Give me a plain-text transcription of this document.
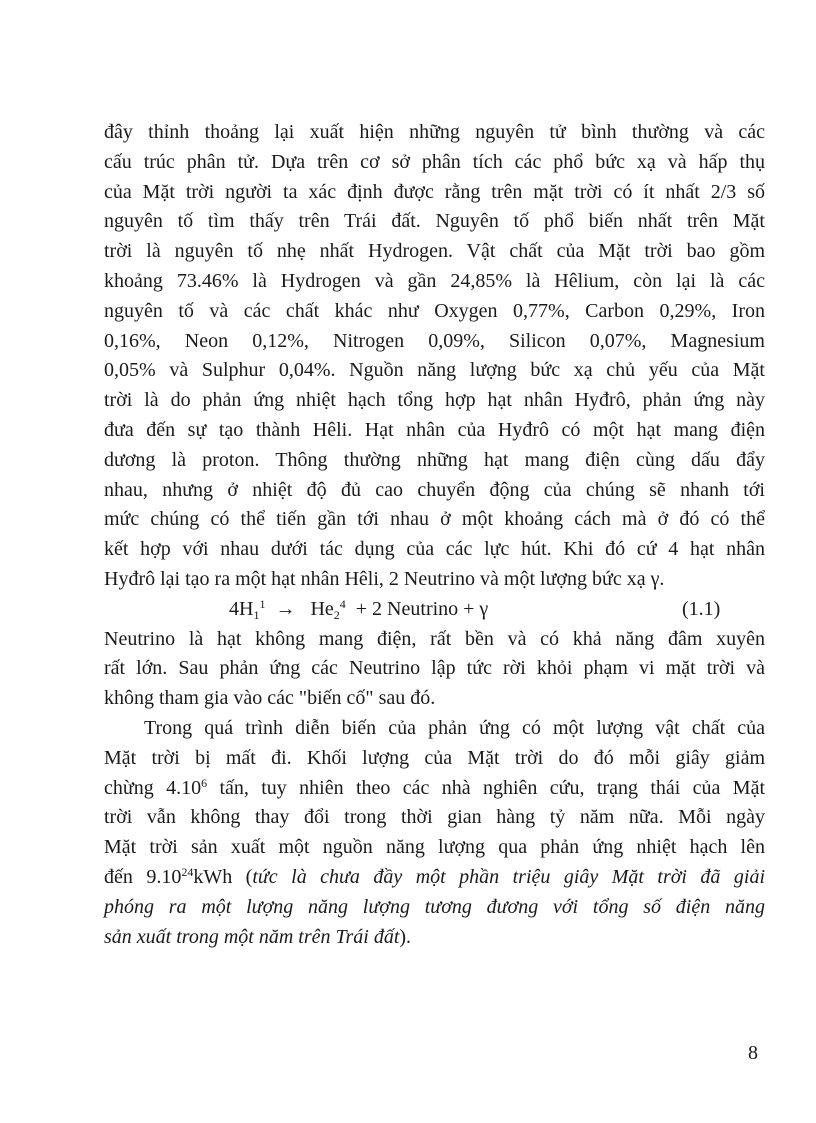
đây thỉnh thoảng lại xuất hiện những nguyên tử bình thường và các
cấu trúc phân tử. Dựa trên cơ sở phân tích các phổ bức xạ và hấp thụ
của Mặt trời người ta xác định được rằng trên mặt trời có ít nhất 2/3 số
nguyên tố tìm thấy trên Trái đất. Nguyên tố phổ biến nhất trên Mặt
trời là nguyên tố nhẹ nhất Hydrogen. Vật chất của Mặt trời bao gồm
khoảng 73.46% là Hydrogen và gần 24,85% là Hêlium, còn lại là các
nguyên tố và các chất khác như Oxygen 0,77%, Carbon 0,29%, Iron
0,16%, Neon 0,12%, Nitrogen 0,09%, Silicon 0,07%, Magnesium
0,05% và Sulphur 0,04%. Nguồn năng lượng bức xạ chủ yếu của Mặt
trời là do phản ứng nhiệt hạch tổng hợp hạt nhân Hyđrô, phản ứng này
đưa đến sự tạo thành Hêli. Hạt nhân của Hyđrô có một hạt mang điện
dương là proton. Thông thường những hạt mang điện cùng dấu đẩy
nhau, nhưng ở nhiệt độ đủ cao chuyển động của chúng sẽ nhanh tới
mức chúng có thể tiến gần tới nhau ở một khoảng cách mà ở đó có thể
kết hợp với nhau dưới tác dụng của các lực hút. Khi đó cứ 4 hạt nhân
Hyđrô lại tạo ra một hạt nhân Hêli, 2 Neutrino và một lượng bức xạ γ.
$4H_1^1 \to He_2^4 + 2$ Neutrino + γ	(1.1)
Neutrino là hạt không mang điện, rất bền và có khả năng đâm xuyên
rất lớn. Sau phản ứng các Neutrino lập tức rời khỏi phạm vi mặt trời và
không tham gia vào các "biến cố" sau đó.
Trong quá trình diễn biến của phản ứng có một lượng vật chất của
Mặt trời bị mất đi. Khối lượng của Mặt trời do đó mỗi giây giảm
chừng 4.10$^6$ tấn, tuy nhiên theo các nhà nghiên cứu, trạng thái của Mặt
trời vẫn không thay đổi trong thời gian hàng tỷ năm nữa. Mỗi ngày
Mặt trời sản xuất một nguồn năng lượng qua phản ứng nhiệt hạch lên
đến 9.10$^{24}$kWh (tức là chưa đầy một phần triệu giây Mặt trời đã giải
phóng ra một lượng năng lượng tương đương với tổng số điện năng
sản xuất trong một năm trên Trái đất).
8
